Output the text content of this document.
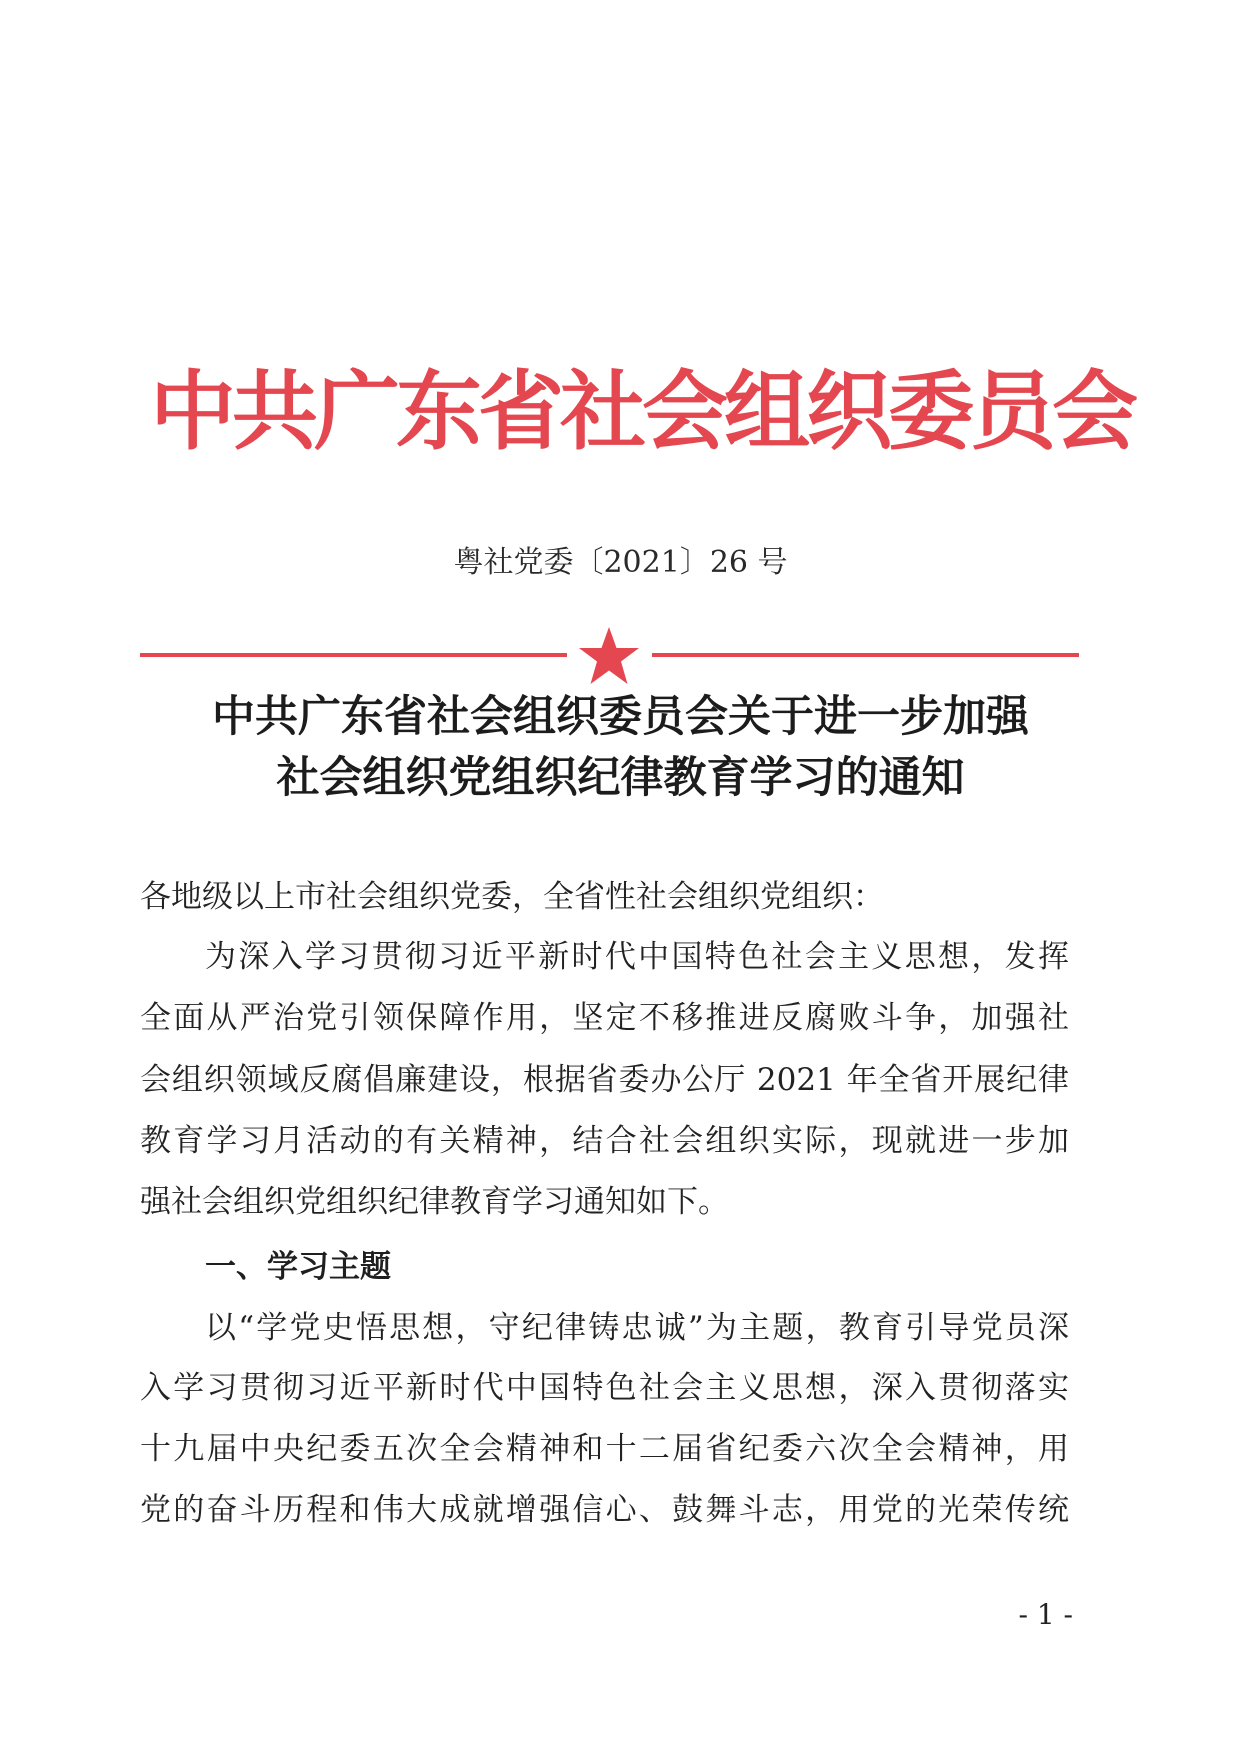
中共广东省社会组织委员会
粤社党委〔2021〕26 号
中共广东省社会组织委员会关于进一步加强
社会组织党组织纪律教育学习的通知
各地级以上市社会组织党委，全省性社会组织党组织：
为深入学习贯彻习近平新时代中国特色社会主义思想，发挥
全面从严治党引领保障作用，坚定不移推进反腐败斗争，加强社
会组织领域反腐倡廉建设，根据省委办公厅 2021 年全省开展纪律
教育学习月活动的有关精神，结合社会组织实际，现就进一步加
强社会组织党组织纪律教育学习通知如下。
一、学习主题
以“学党史悟思想，守纪律铸忠诚”为主题，教育引导党员深
入学习贯彻习近平新时代中国特色社会主义思想，深入贯彻落实
十九届中央纪委五次全会精神和十二届省纪委六次全会精神，用
党的奋斗历程和伟大成就增强信心、鼓舞斗志，用党的光荣传统
- 1 -
